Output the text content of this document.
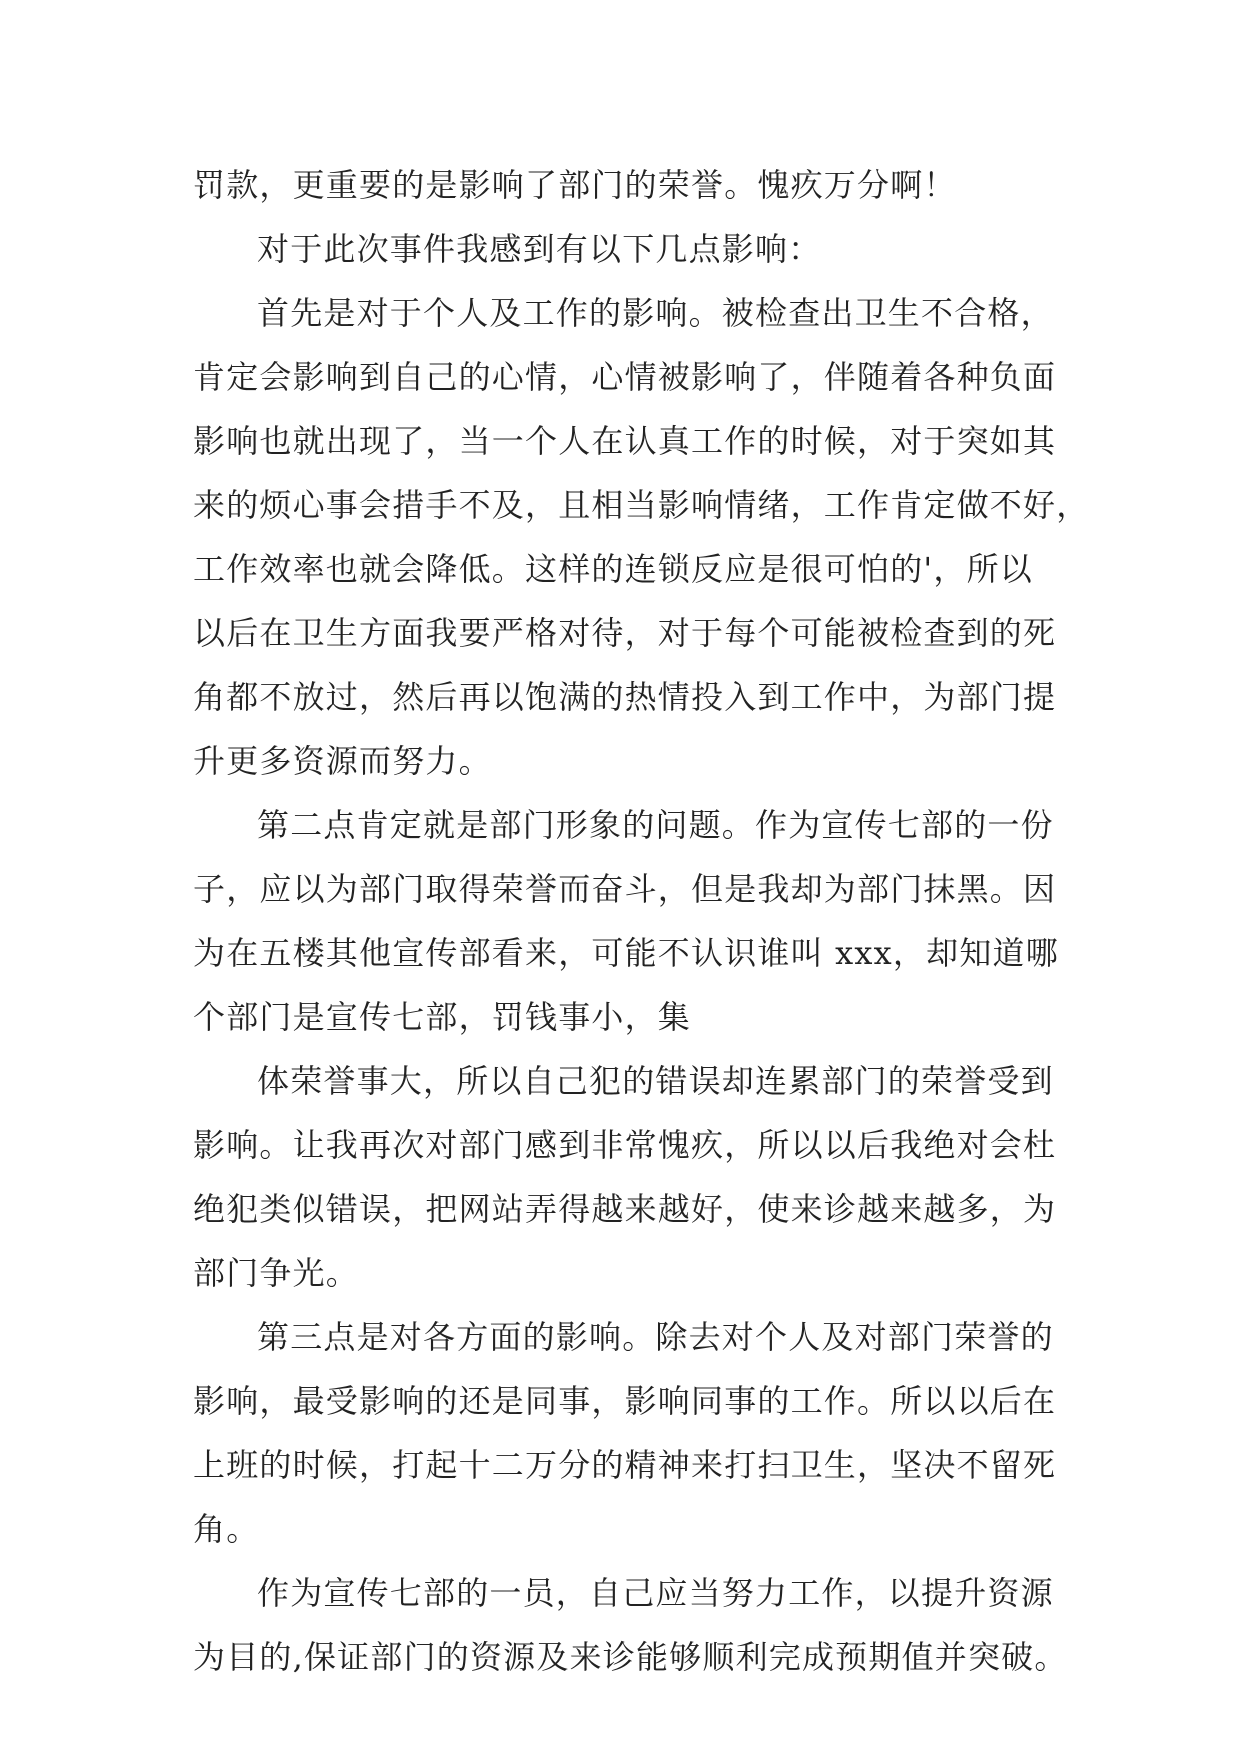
罚款，更重要的是影响了部门的荣誉。愧疚万分啊！
对于此次事件我感到有以下几点影响：
首先是对于个人及工作的影响。被检查出卫生不合格，
肯定会影响到自己的心情，心情被影响了，伴随着各种负面
影响也就出现了，当一个人在认真工作的时候，对于突如其
来的烦心事会措手不及，且相当影响情绪，工作肯定做不好，
工作效率也就会降低。这样的连锁反应是很可怕的'，所以
以后在卫生方面我要严格对待，对于每个可能被检查到的死
角都不放过，然后再以饱满的热情投入到工作中，为部门提
升更多资源而努力。
第二点肯定就是部门形象的问题。作为宣传七部的一份
子，应以为部门取得荣誉而奋斗，但是我却为部门抹黑。因
为在五楼其他宣传部看来，可能不认识谁叫 xxx，却知道哪
个部门是宣传七部，罚钱事小，集
体荣誉事大，所以自己犯的错误却连累部门的荣誉受到
影响。让我再次对部门感到非常愧疚，所以以后我绝对会杜
绝犯类似错误，把网站弄得越来越好，使来诊越来越多，为
部门争光。
第三点是对各方面的影响。除去对个人及对部门荣誉的
影响，最受影响的还是同事，影响同事的工作。所以以后在
上班的时候，打起十二万分的精神来打扫卫生，坚决不留死
角。
作为宣传七部的一员，自己应当努力工作，以提升资源
为目的,保证部门的资源及来诊能够顺利完成预期值并突破。
